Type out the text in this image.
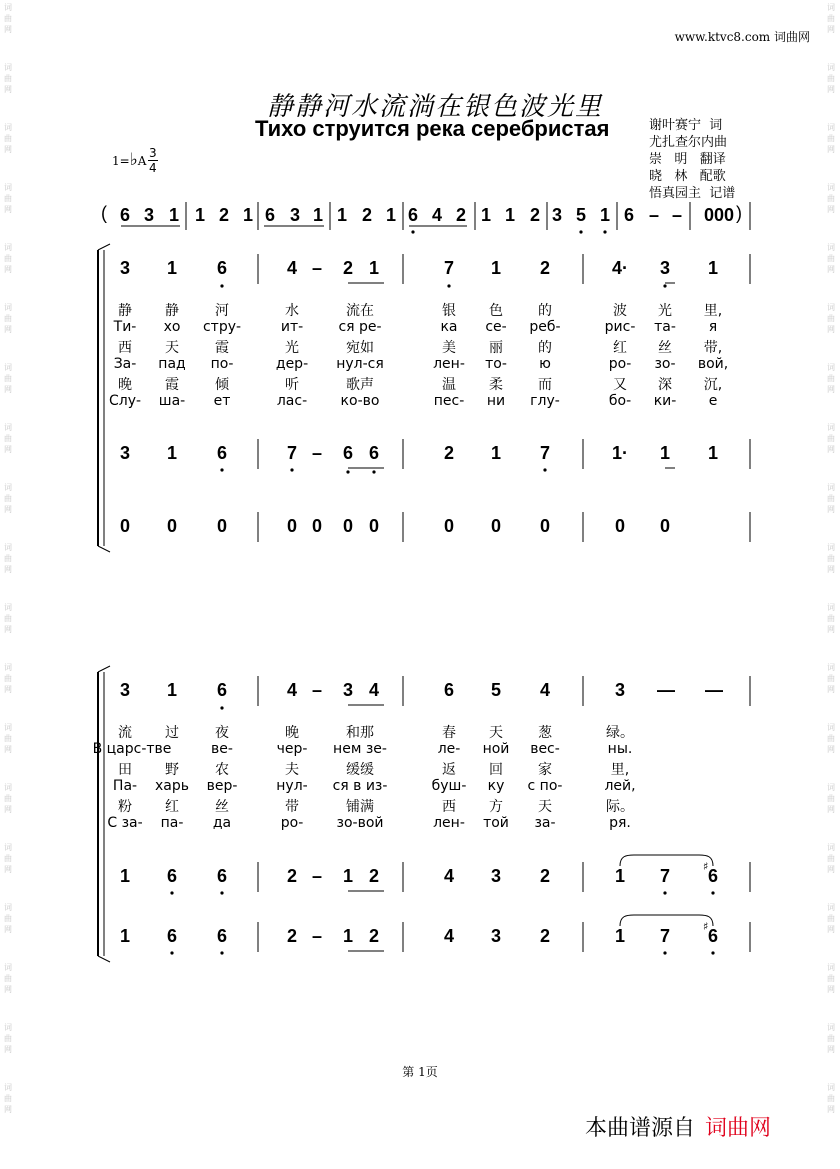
词
曲
网
词
曲
网
词
曲
网
词
曲
网
词
曲
网
词
曲
网
词
曲
网
词
曲
网
词
曲
网
词
曲
网
词
曲
网
词
曲
网
词
曲
网
词
曲
网
词
曲
网
词
曲
网
词
曲
网
词
曲
网
词
曲
网
词
曲
网
词
曲
网
词
曲
网
词
曲
网
词
曲
网
词
曲
网
词
曲
网
词
曲
网
词
曲
网
词
曲
网
词
曲
网
词
曲
网
词
曲
网
词
曲
网
词
曲
网
词
曲
网
词
曲
网
词
曲
网
词
曲
网
www.ktvc8.com 词曲网
静静河水流淌在银色波光里
Тихо струится река серебристая	谢叶赛宁  词
尤扎查尔内曲
崇   明   翻译
晓   林   配歌
悟真园主  记谱
1=♭A
3
4
(	)
6 3 1 1 2 1 6 3 1 1 2 1 6 4 2 1 1 2 3 5 1 6 – – 000
3 1 6	4 – 2 1	7 1 2	4· 3 1
3 1 6	7 – 6 6	2 1 7	1· 1 1
0 0 0	0 0 0 0	0 0 0	0 0
静 静	河	水	流在	银 色	的	波 光 里,
Ти- хо стру-	ит-	ся ре-	ка се- реб-	рис- та- я
西 天	霞	光	宛如	美 丽	的	红 丝 带,
За- пад по-	дер- нул-ся	лен- то- ю	ро- зо- вой,
晚 霞	倾	听	歌声	温 柔	而	又 深 沉,
Слу- ша- ет	лас- ко-во	пес- ни глу-	бо- ки- е
3 1 6	4 – 3 4	6 5 4	3 — —
1 6 6	2 – 1 2	4 3 2	1 7 6
1 6 6	2 – 1 2	4 3 2	1 7 6
♯
♯
流 过	夜	晚	和那	春 天	葱	绿。
В царс-тве	ве-	чер- нем зе-	ле- ной вес-	ны.
田 野	农	夫	缓缓	返 回	家	里,
Па- харь вер-	нул- ся в из-	буш- ку с по-	лей,
粉 红	丝	带	铺满	西 方	天	际。
С за- па- да	ро- зо-вой	лен- той за-	ря.
第 1页
本曲谱源自 词曲网
